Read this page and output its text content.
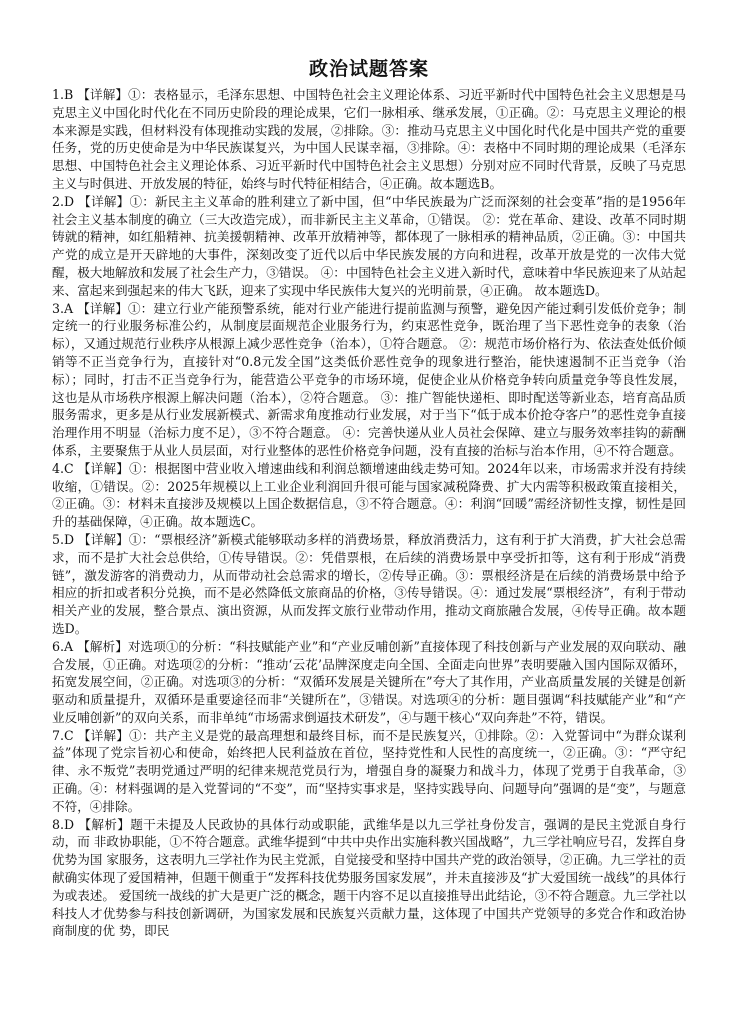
政治试题答案

1.B 【详解】①：表格显示，毛泽东思想、中国特色社会主义理论体系、习近平新时代中国特色社会主义思想是马克思主义中国化时代化在不同历史阶段的理论成果，它们一脉相承、继承发展，①正确。②：马克思主义理论的根本来源是实践，但材料没有体现推动实践的发展，②排除。③：推动马克思主义中国化时代化是中国共产党的重要任务，党的历史使命是为中华民族谋复兴，为中国人民谋幸福，③排除。④：表格中不同时期的理论成果（毛泽东思想、中国特色社会主义理论体系、习近平新时代中国特色社会主义思想）分别对应不同时代背景，反映了马克思主义与时俱进、开放发展的特征，始终与时代特征相结合，④正确。故本题选B。

2.D 【详解】①：新民主主义革命的胜利建立了新中国，但“中华民族最为广泛而深刻的社会变革”指的是1956年社会主义基本制度的确立（三大改造完成），而非新民主主义革命，①错误。 ②：党在革命、建设、改革不同时期铸就的精神，如红船精神、抗美援朝精神、改革开放精神等，都体现了一脉相承的精神品质，②正确。③：中国共产党的成立是开天辟地的大事件，深刻改变了近代以后中华民族发展的方向和进程，改革开放是党的一次伟大觉醒，极大地解放和发展了社会生产力，③错误。 ④：中国特色社会主义进入新时代，意味着中华民族迎来了从站起来、富起来到强起来的伟大飞跃，迎来了实现中华民族伟大复兴的光明前景，④正确。 故本题选D。

3.A 【详解】①：建立行业产能预警系统，能对行业产能进行提前监测与预警，避免因产能过剩引发低价竞争；制定统一的行业服务标准公约，从制度层面规范企业服务行为，约束恶性竞争，既治理了当下恶性竞争的表象（治标），又通过规范行业秩序从根源上减少恶性竞争（治本），①符合题意。 ②：规范市场价格行为、依法查处低价倾销等不正当竞争行为，直接针对“0.8元发全国”这类低价恶性竞争的现象进行整治，能快速遏制不正当竞争（治标）；同时，打击不正当竞争行为，能营造公平竞争的市场环境，促使企业从价格竞争转向质量竞争等良性发展，这也是从市场秩序根源上解决问题（治本），②符合题意。 ③：推广智能快递柜、即时配送等新业态，培育高品质服务需求，更多是从行业发展新模式、新需求角度推动行业发展，对于当下“低于成本价抢夺客户”的恶性竞争直接治理作用不明显（治标力度不足），③不符合题意。 ④：完善快递从业人员社会保障、建立与服务效率挂钩的薪酬体系，主要聚焦于从业人员层面，对行业整体的恶性价格竞争问题，没有直接的治标与治本作用，④不符合题意。

4.C 【详解】①：根据图中营业收入增速曲线和利润总额增速曲线走势可知。2024年以来，市场需求并没有持续收缩，①错误。②：2025年规模以上工业企业利润回升很可能与国家减税降费、扩大内需等积极政策直接相关，②正确。③：材料未直接涉及规模以上国企数据信息，③不符合题意。④：利润“回暖”需经济韧性支撑，韧性是回升的基础保障，④正确。故本题选C。

5.D 【详解】①：“票根经济”新模式能够联动多样的消费场景，释放消费活力，这有利于扩大消费，扩大社会总需求，而不是扩大社会总供给，①传导错误。②：凭借票根，在后续的消费场景中享受折扣等，这有利于形成“消费链”，激发游客的消费动力，从而带动社会总需求的增长，②传导正确。③：票根经济是在后续的消费场景中给予相应的折扣或者积分兑换，而不是必然降低文旅商品的价格，③传导错误。④：通过发展“票根经济”，有利于带动相关产业的发展，整合景点、演出资源，从而发挥文旅行业带动作用，推动文商旅融合发展，④传导正确。故本题选D。

6.A 【解析】对选项①的分析：“科技赋能产业”和“产业反哺创新”直接体现了科技创新与产业发展的双向联动、融合发展，①正确。对选项②的分析：“推动‘云花’品牌深度走向全国、全面走向世界”表明要融入国内国际双循环，拓宽发展空间，②正确。对选项③的分析：“双循环发展是关键所在”夸大了其作用，产业高质量发展的关键是创新驱动和质量提升，双循环是重要途径而非“关键所在”，③错误。对选项④的分析：题目强调“科技赋能产业”和“产业反哺创新”的双向关系，而非单纯“市场需求倒逼技术研发”，④与题干核心“双向奔赴”不符，错误。

7.C 【详解】①：共产主义是党的最高理想和最终目标，而不是民族复兴，①排除。②：入党誓词中“为群众谋利益”体现了党宗旨初心和使命，始终把人民利益放在首位，坚持党性和人民性的高度统一，②正确。③：“严守纪律、永不叛党”表明党通过严明的纪律来规范党员行为，增强自身的凝聚力和战斗力，体现了党勇于自我革命，③正确。④：材料强调的是入党誓词的“不变”，而“坚持实事求是，坚持实践导向、问题导向”强调的是“变”，与题意不符，④排除。

8.D 【解析】题干未提及人民政协的具体行动或职能，武维华是以九三学社身份发言，强调的是民主党派自身行动，而 非政协职能，①不符合题意。武维华提到“中共中央作出实施科教兴国战略”，九三学社响应号召，发挥自身优势为国 家服务，这表明九三学社作为民主党派，自觉接受和坚持中国共产党的政治领导，②正确。九三学社的贡献确实体现了爱国精神，但题干侧重于“发挥科技优势服务国家发展”，并未直接涉及“扩大爱国统一战线”的具体行为或表述。 爱国统一战线的扩大是更广泛的概念，题干内容不足以直接推导出此结论，③不符合题意。九三学社以科技人才优势参与科技创新调研，为国家发展和民族复兴贡献力量，这体现了中国共产党领导的多党合作和政治协商制度的优 势，即民
